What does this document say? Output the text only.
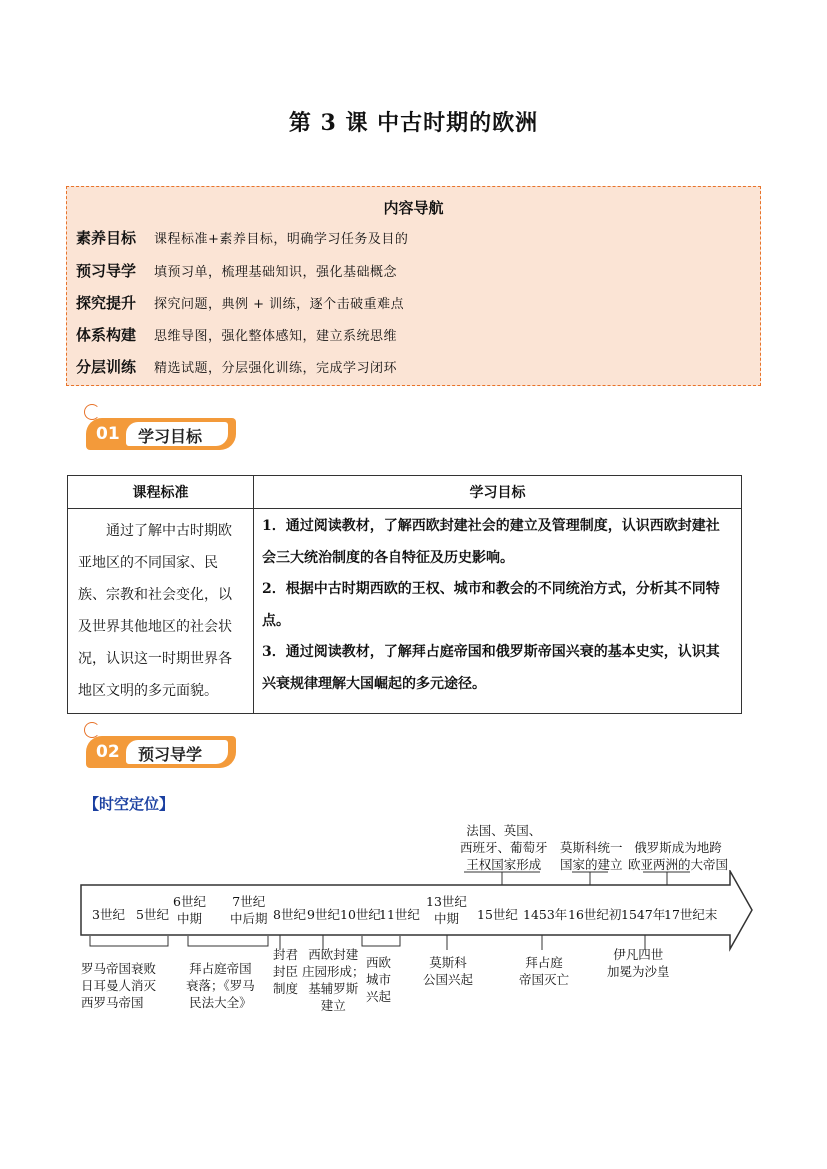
第 3 课 中古时期的欧洲
内容导航
素养目标 课程标准+素养目标，明确学习任务及目的
预习导学 填预习单，梳理基础知识，强化基础概念
探究提升 探究问题，典例 + 训练，逐个击破重难点
体系构建 思维导图，强化整体感知，建立系统思维
分层训练 精选试题，分层强化训练，完成学习闭环
01 学习目标
课程标准	学习目标
通过了解中古时期欧亚地区的不同国家、民族、宗教和社会变化，以及世界其他地区的社会状况，认识这一时期世界各地区文明的多元面貌。	1．通过阅读教材，了解西欧封建社会的建立及管理制度，认识西欧封建社会三大统治制度的各自特征及历史影响。

2．根据中古时期西欧的王权、城市和教会的不同统治方式，分析其不同特点。

3．通过阅读教材，了解拜占庭帝国和俄罗斯帝国兴衰的基本史实，认识其兴衰规律理解大国崛起的多元途径。

02 预习导学
【时空定位】
3世纪 5世纪
6世纪
中期
7世纪
中后期 8世纪 9世纪 10世纪
11世纪
13世纪
中期	15世纪 1453年 16世纪初 1547年
17世纪末
法国、英国、
西班牙、葡萄牙
王权国家形成
莫斯科统一
国家的建立
俄罗斯成为地跨
欧亚两洲的大帝国
罗马帝国衰败
日耳曼人消灭
西罗马帝国
拜占庭帝国
衰落；《罗马
民法大全》
封君
封臣
制度
西欧封建
庄园形成；
基辅罗斯
建立
西欧
城市
兴起
莫斯科
公国兴起
拜占庭
帝国灭亡
伊凡四世
加冕为沙皇
